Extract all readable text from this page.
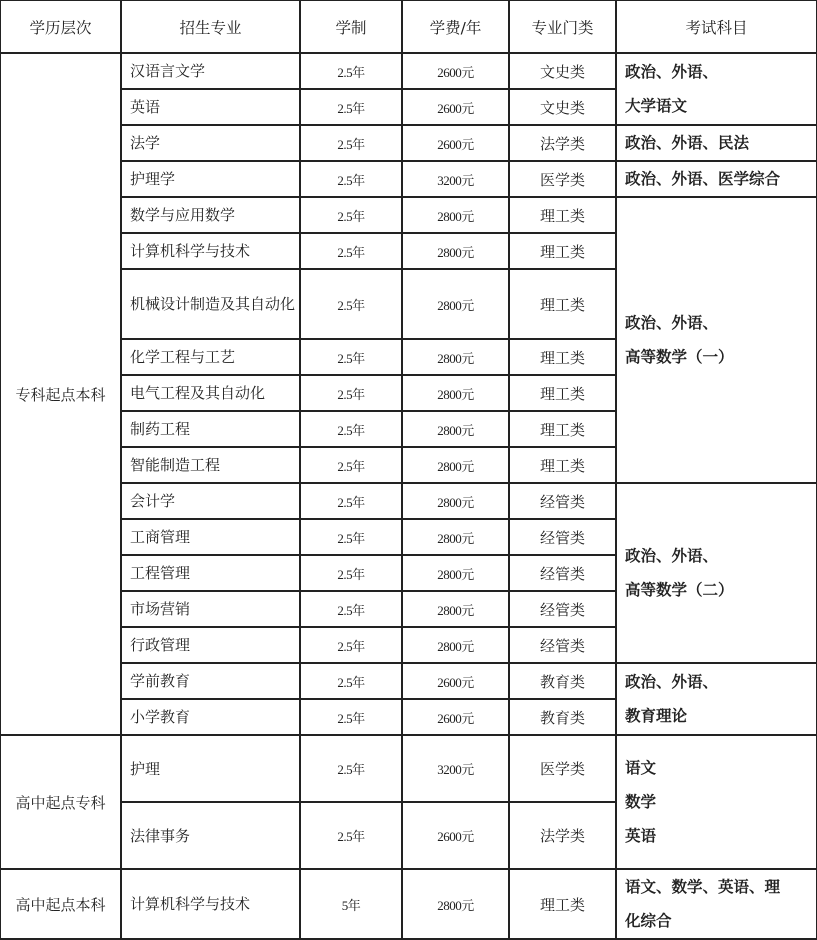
学历层次	招生专业	学制	学费/年	专业门类	考试科目
专科起点本科	汉语言文学	2.5年	2600元	文史类	政治、外语、
大学语文

	英语	2.5年	2600元	文史类	
	法学	2.5年	2600元	法学类	政治、外语、民法

	护理学	2.5年	3200元	医学类	政治、外语、医学综合

	数学与应用数学	2.5年	2800元	理工类	政治、外语、
高等数学（一）

	计算机科学与技术	2.5年	2800元	理工类	
	机械设计制造及其自动化	2.5年	2800元	理工类	
	化学工程与工艺	2.5年	2800元	理工类	
	电气工程及其自动化	2.5年	2800元	理工类	
	制药工程	2.5年	2800元	理工类	
	智能制造工程	2.5年	2800元	理工类	
	会计学	2.5年	2800元	经管类	政治、外语、
高等数学（二）

	工商管理	2.5年	2800元	经管类	
	工程管理	2.5年	2800元	经管类	
	市场营销	2.5年	2800元	经管类	
	行政管理	2.5年	2800元	经管类	
	学前教育	2.5年	2600元	教育类	政治、外语、
教育理论

	小学教育	2.5年	2600元	教育类	
高中起点专科	护理	2.5年	3200元	医学类	语文
数学
英语

	法律事务	2.5年	2600元	法学类	
高中起点本科	计算机科学与技术	5年	2800元	理工类	语文、数学、英语、理
化综合
